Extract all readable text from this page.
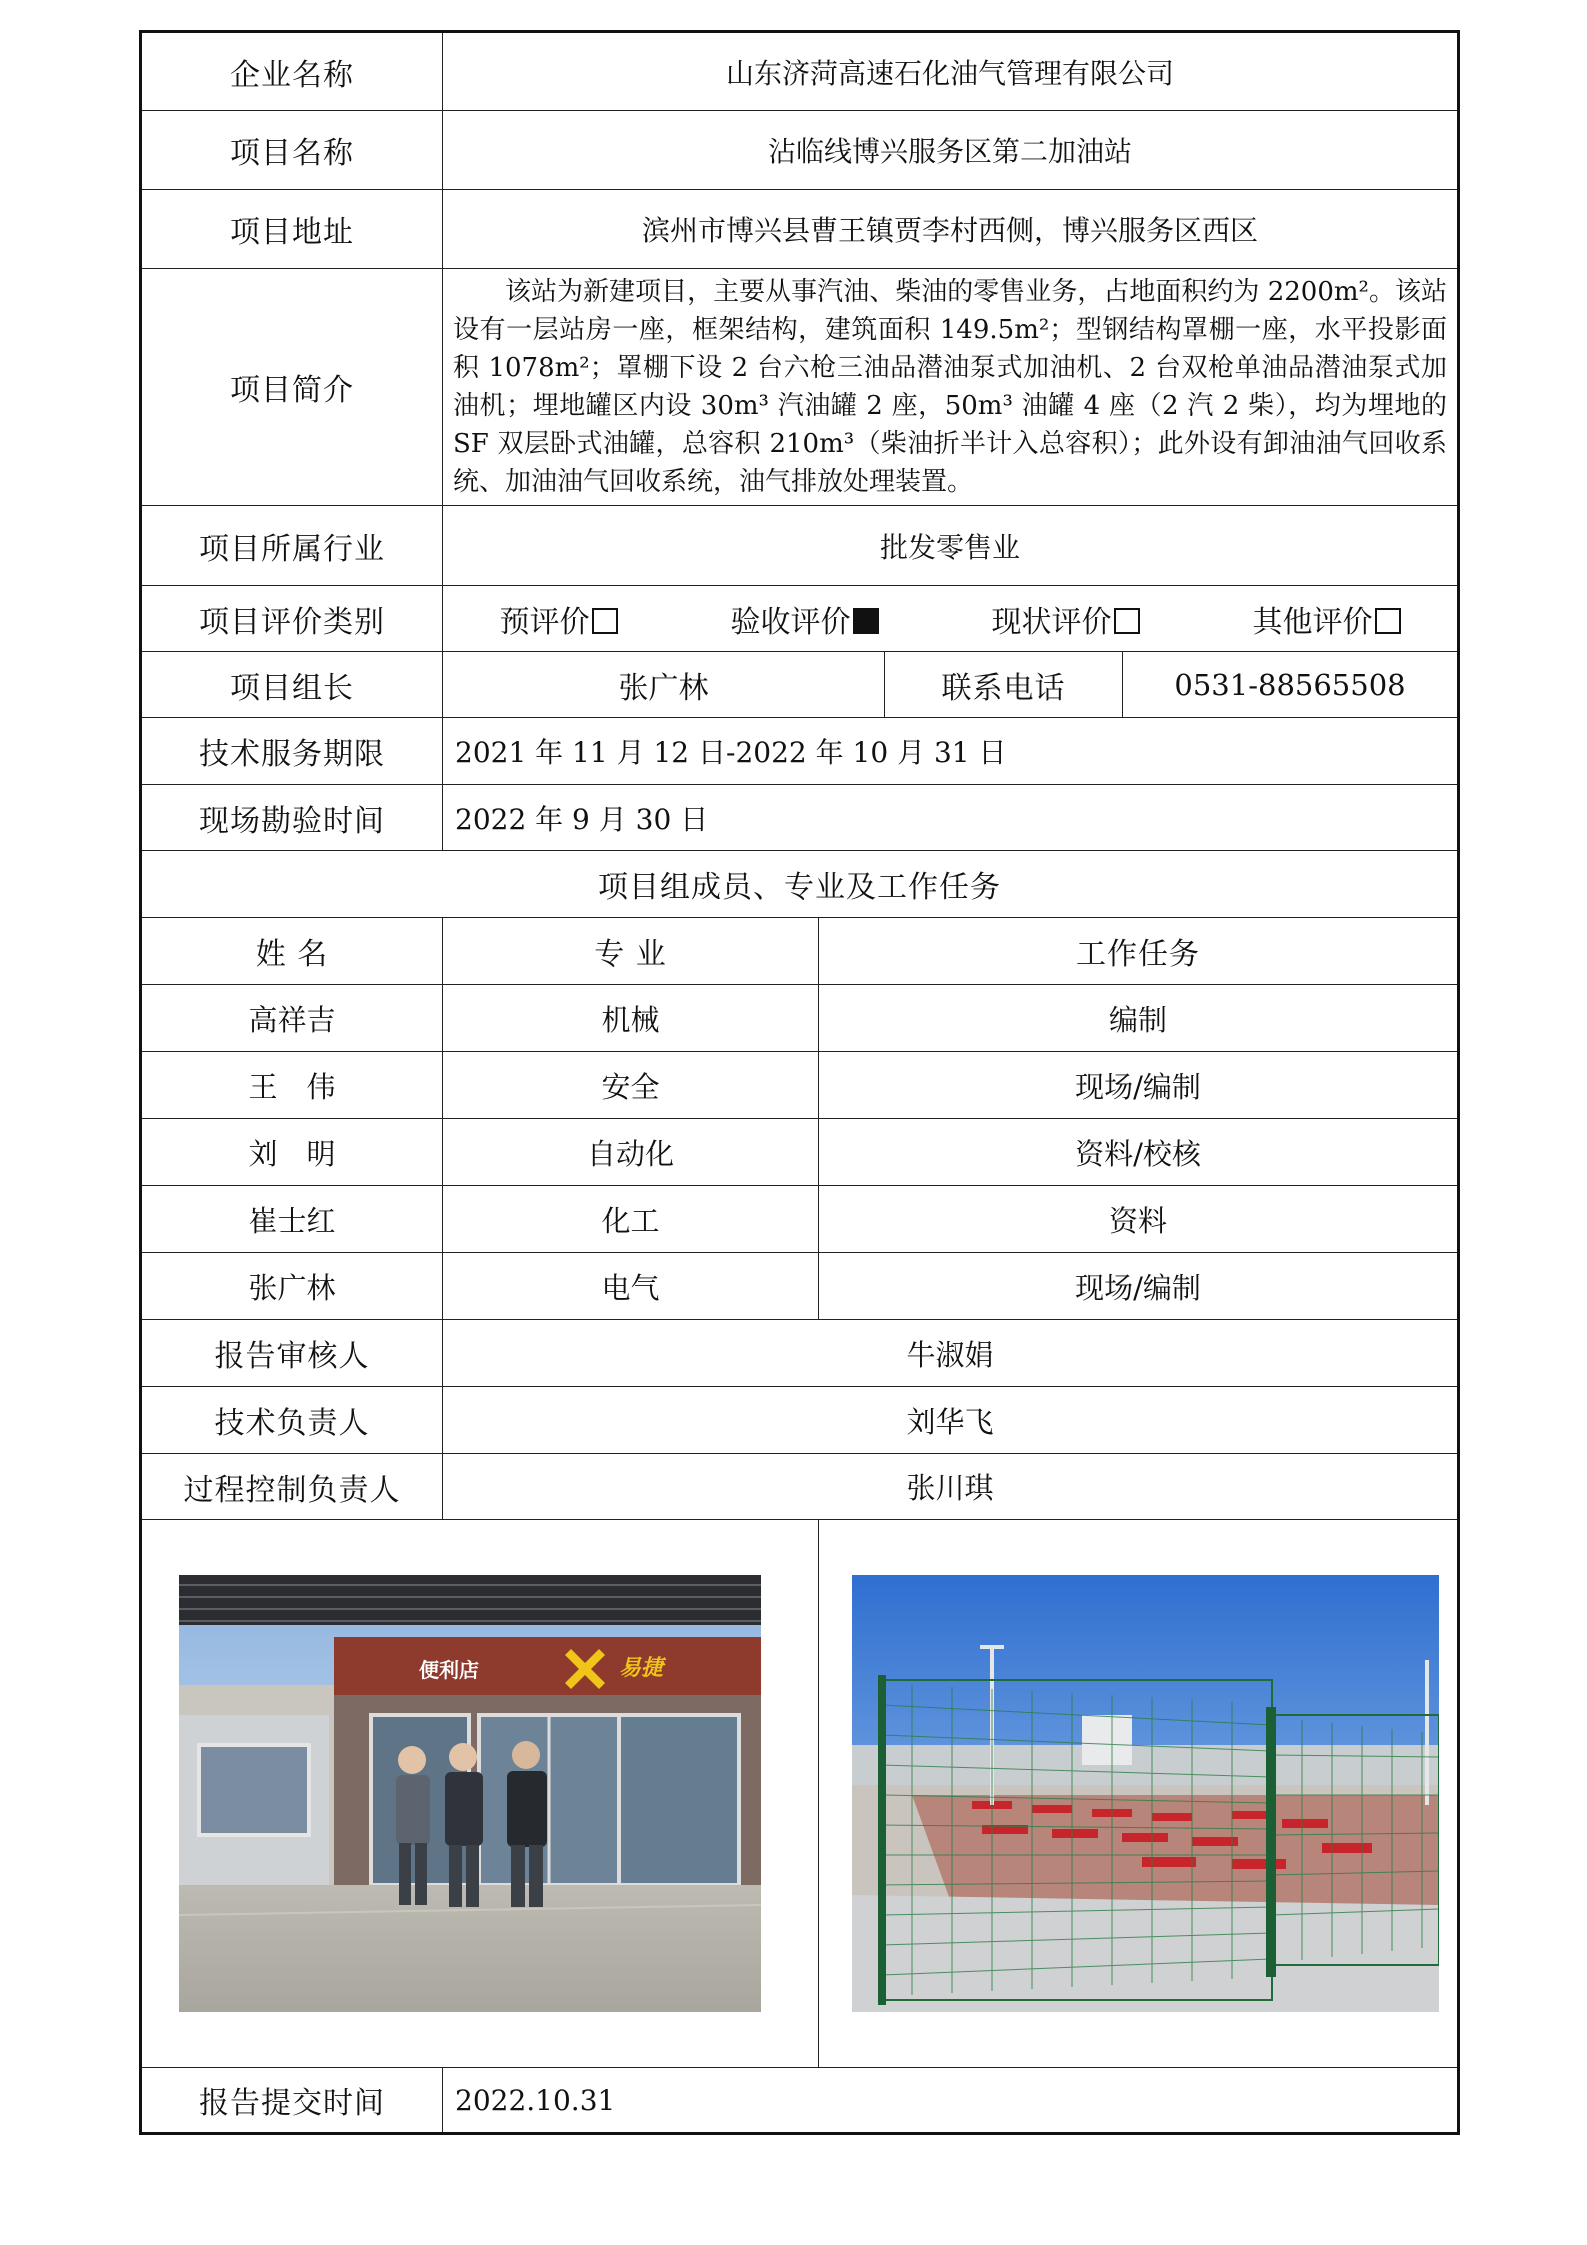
企业名称	山东济菏高速石化油气管理有限公司			
项目名称	沾临线博兴服务区第二加油站			
项目地址	滨州市博兴县曹王镇贾李村西侧，博兴服务区西区			
项目简介	该站为新建项目，主要从事汽油、柴油的零售业务，占地面积约为 2200m²。该站设有一层站房一座，框架结构，建筑面积 149.5m²；型钢结构罩棚一座，水平投影面积 1078m²；罩棚下设 2 台六枪三油品潜油泵式加油机、2 台双枪单油品潜油泵式加油机；埋地罐区内设 30m³ 汽油罐 2 座，50m³ 油罐 4 座（2 汽 2 柴），均为埋地的 SF 双层卧式油罐，总容积 210m³（柴油折半计入总容积）；此外设有卸油油气回收系统、加油油气回收系统，油气排放处理装置。			

项目所属行业	批发零售业			
项目评价类别	预评价 验收评价 现状评价 其他评价			

项目组长	张广林		联系电话	0531-88565508
技术服务期限	2021 年 11 月 12 日-2022 年 10 月 31 日			
现场勘验时间	2022 年 9 月 30 日			
项目组成员、专业及工作任务				
姓 名	专 业	工作任务		
高祥吉	机械	编制		
王　伟	安全	现场/编制		
刘　明	自动化	资料/校核		
崔士红	化工	资料		
张广林	电气	现场/编制		
报告审核人	牛淑娟			
技术负责人	刘华飞			
过程控制负责人	张川琪			

便利店 易捷

报告提交时间	2022.10.31			
